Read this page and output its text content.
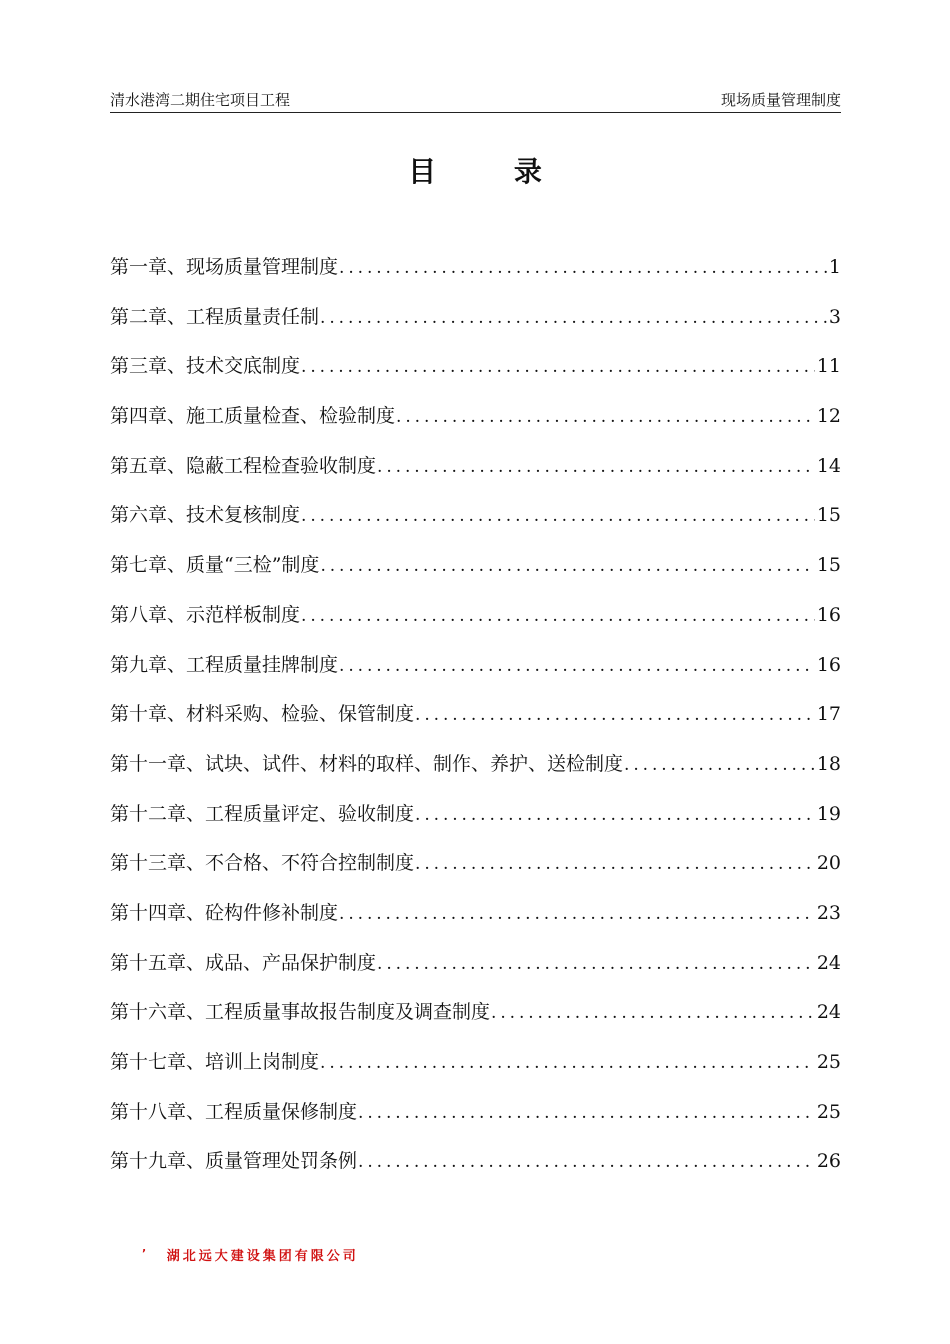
清水港湾二期住宅项目工程	现场质量管理制度
目 录
第一章、现场质量管理制度 . . .	1
第二章、工程质量责任制 . . .	3
第三章、技术交底制度 . . .	11
第四章、施工质量检查、检验制度 . . .	12
第五章、隐蔽工程检查验收制度 . . .	14
第六章、技术复核制度 . . .	15
第七章、质量“三检”制度 . . .	15
第八章、示范样板制度 . . .	16
第九章、工程质量挂牌制度 . . .	16
第十章、材料采购、检验、保管制度 . . .	17
第十一章、试块、试件、材料的取样、制作、养护、送检制度 . . .	18
第十二章、工程质量评定、验收制度 . . .	19
第十三章、不合格、不符合控制制度 . . .	20
第十四章、砼构件修补制度 . . .	23
第十五章、成品、产品保护制度 . . .	24
第十六章、工程质量事故报告制度及调查制度 . . .	24
第十七章、培训上岗制度 . . .	25
第十八章、工程质量保修制度 . . .	25
第十九章、质量管理处罚条例 . . .	26
’ 湖北远大建设集团有限公司
